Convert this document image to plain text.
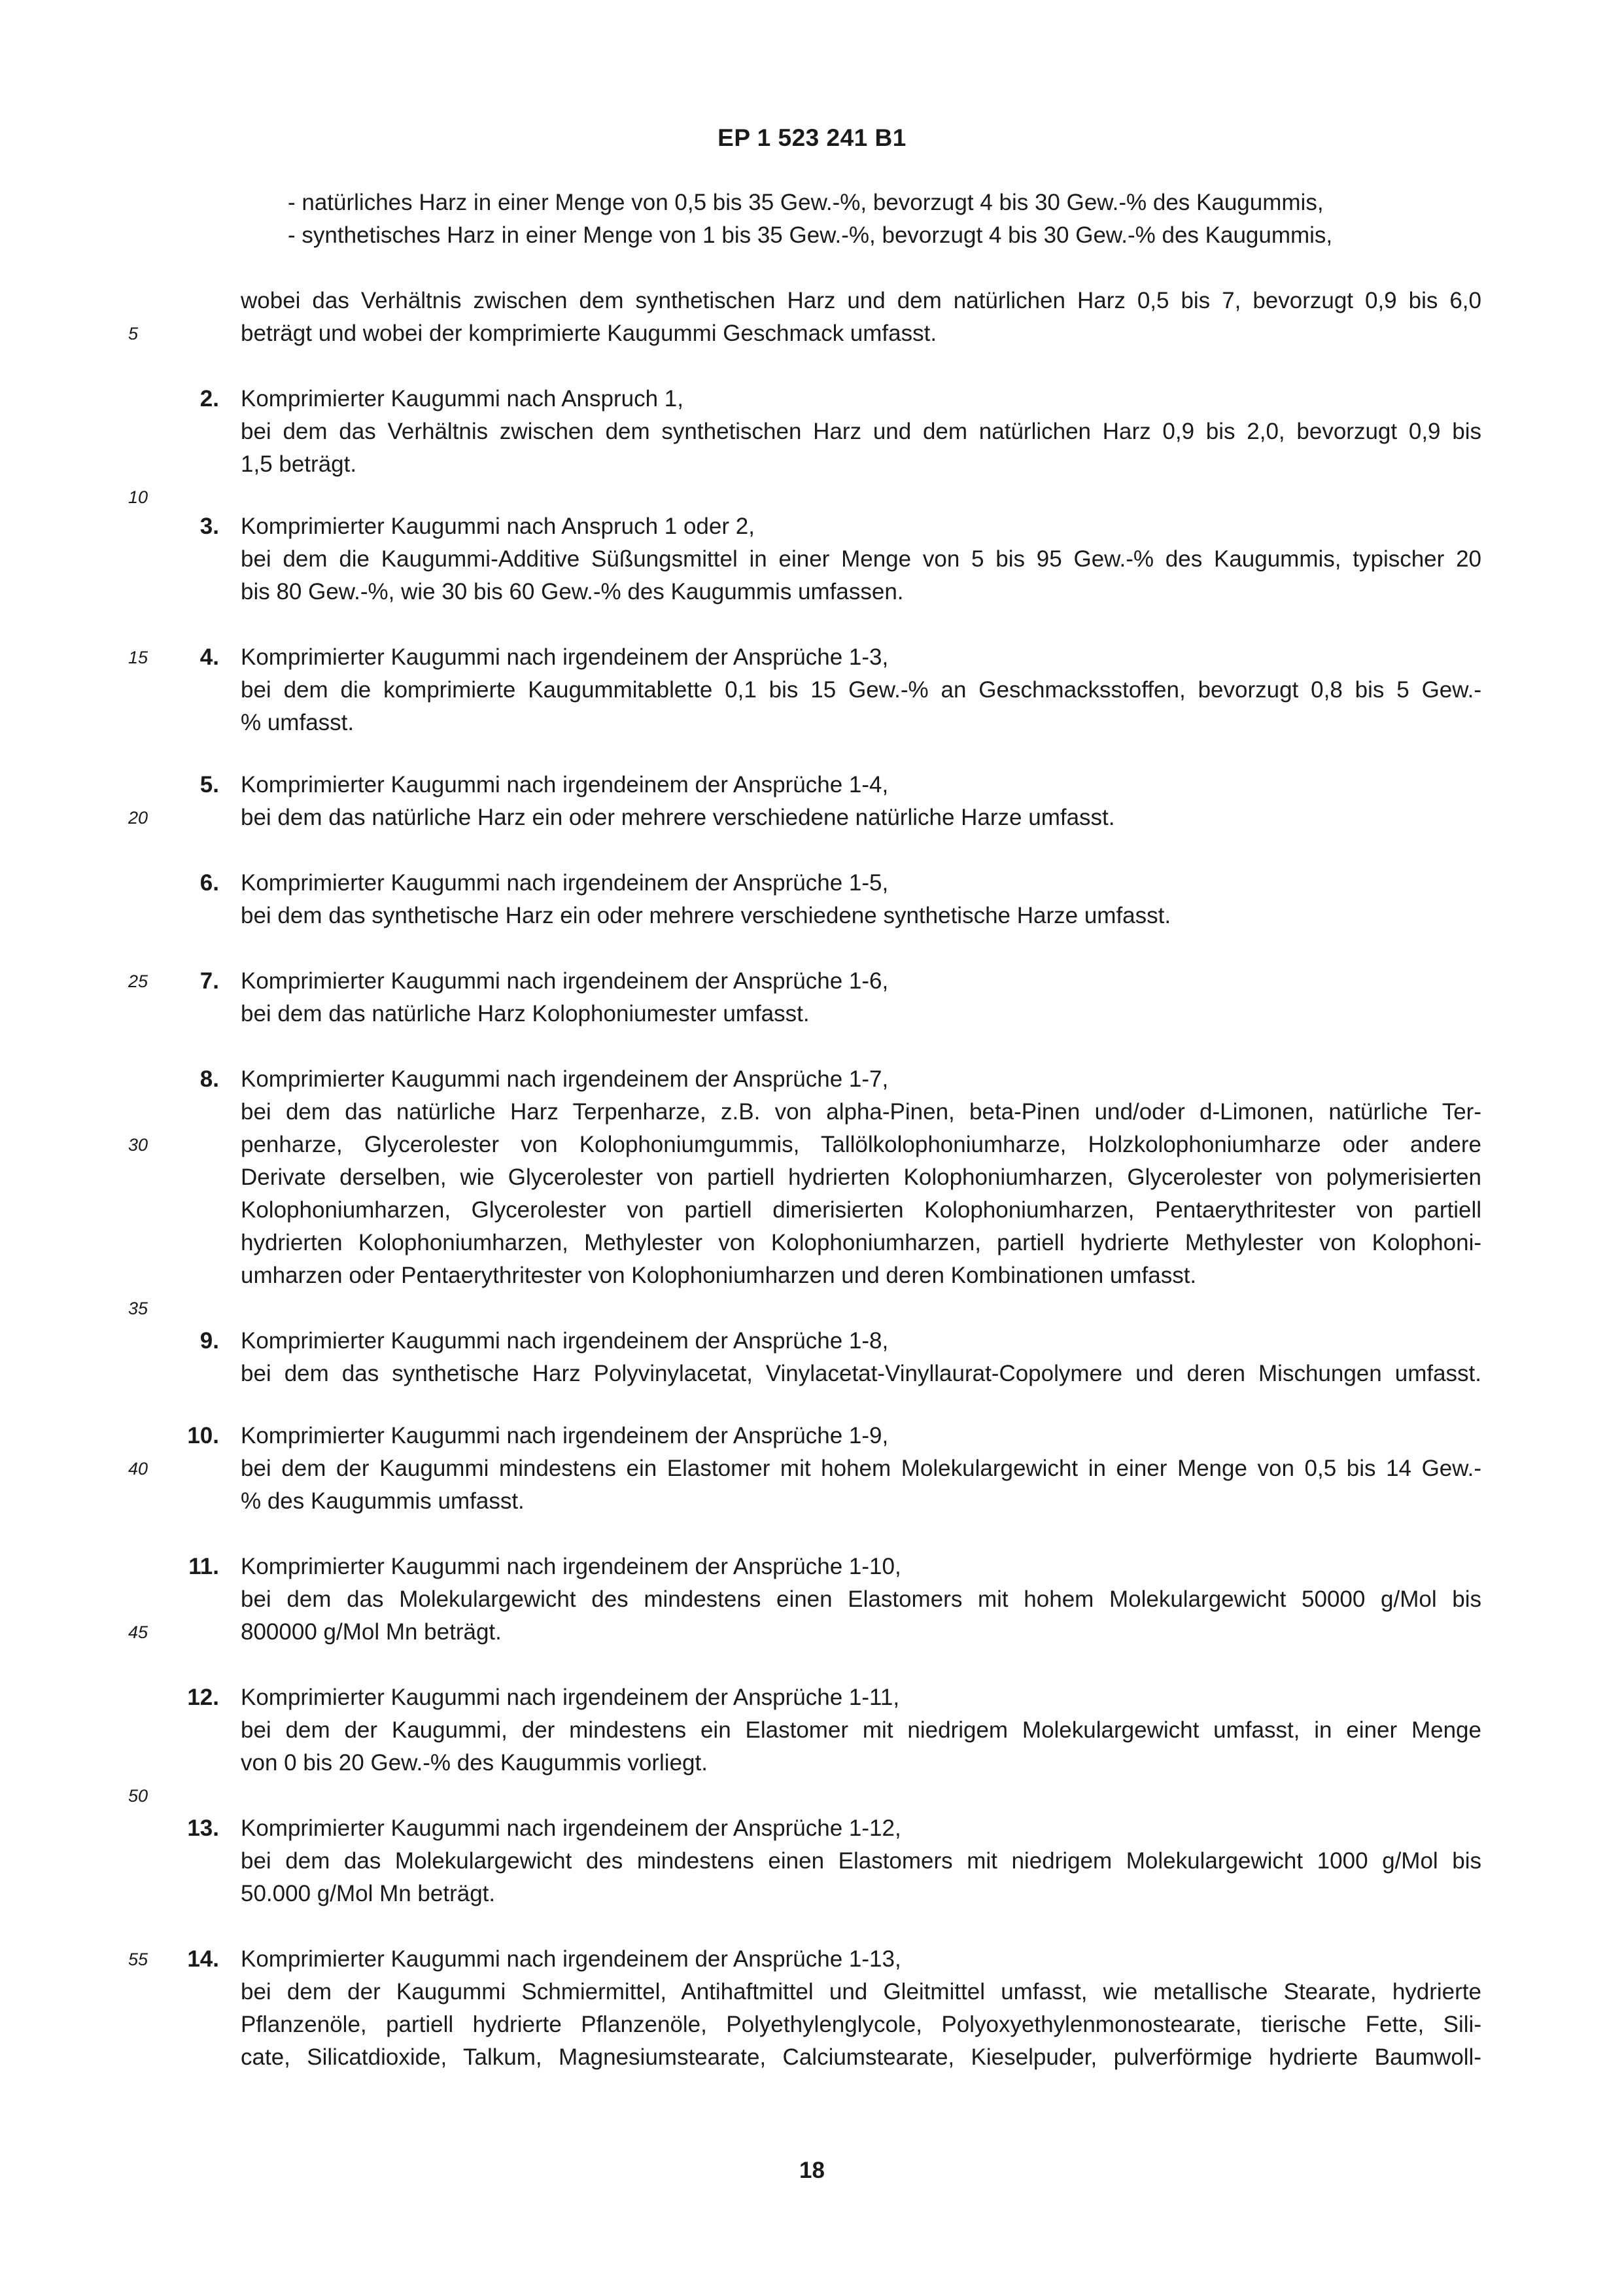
EP 1 523 241 B1
- natürliches Harz in einer Menge von 0,5 bis 35 Gew.-%, bevorzugt 4 bis 30 Gew.-% des Kaugummis,
- synthetisches Harz in einer Menge von 1 bis 35 Gew.-%, bevorzugt 4 bis 30 Gew.-% des Kaugummis,
wobei das Verhältnis zwischen dem synthetischen Harz und dem natürlichen Harz 0,5 bis 7, bevorzugt 0,9 bis 6,0
beträgt und wobei der komprimierte Kaugummi Geschmack umfasst.
2. Komprimierter Kaugummi nach Anspruch 1,
bei dem das Verhältnis zwischen dem synthetischen Harz und dem natürlichen Harz 0,9 bis 2,0, bevorzugt 0,9 bis
1,5 beträgt.
3. Komprimierter Kaugummi nach Anspruch 1 oder 2,
bei dem die Kaugummi-Additive Süßungsmittel in einer Menge von 5 bis 95 Gew.-% des Kaugummis, typischer 20
bis 80 Gew.-%, wie 30 bis 60 Gew.-% des Kaugummis umfassen.
4. Komprimierter Kaugummi nach irgendeinem der Ansprüche 1-3,
bei dem die komprimierte Kaugummitablette 0,1 bis 15 Gew.-% an Geschmacksstoffen, bevorzugt 0,8 bis 5 Gew.-
% umfasst.
5. Komprimierter Kaugummi nach irgendeinem der Ansprüche 1-4,
bei dem das natürliche Harz ein oder mehrere verschiedene natürliche Harze umfasst.
6. Komprimierter Kaugummi nach irgendeinem der Ansprüche 1-5,
bei dem das synthetische Harz ein oder mehrere verschiedene synthetische Harze umfasst.
7. Komprimierter Kaugummi nach irgendeinem der Ansprüche 1-6,
bei dem das natürliche Harz Kolophoniumester umfasst.
8. Komprimierter Kaugummi nach irgendeinem der Ansprüche 1-7,
bei dem das natürliche Harz Terpenharze, z.B. von alpha-Pinen, beta-Pinen und/oder d-Limonen, natürliche Ter-
penharze, Glycerolester von Kolophoniumgummis, Tallölkolophoniumharze, Holzkolophoniumharze oder andere
Derivate derselben, wie Glycerolester von partiell hydrierten Kolophoniumharzen, Glycerolester von polymerisierten
Kolophoniumharzen, Glycerolester von partiell dimerisierten Kolophoniumharzen, Pentaerythritester von partiell
hydrierten Kolophoniumharzen, Methylester von Kolophoniumharzen, partiell hydrierte Methylester von Kolophoni-
umharzen oder Pentaerythritester von Kolophoniumharzen und deren Kombinationen umfasst.
9. Komprimierter Kaugummi nach irgendeinem der Ansprüche 1-8,
bei dem das synthetische Harz Polyvinylacetat, Vinylacetat-Vinyllaurat-Copolymere und deren Mischungen umfasst.
10. Komprimierter Kaugummi nach irgendeinem der Ansprüche 1-9,
bei dem der Kaugummi mindestens ein Elastomer mit hohem Molekulargewicht in einer Menge von 0,5 bis 14 Gew.-
% des Kaugummis umfasst.
11. Komprimierter Kaugummi nach irgendeinem der Ansprüche 1-10,
bei dem das Molekulargewicht des mindestens einen Elastomers mit hohem Molekulargewicht 50000 g/Mol bis
800000 g/Mol Mn beträgt.
12. Komprimierter Kaugummi nach irgendeinem der Ansprüche 1-11,
bei dem der Kaugummi, der mindestens ein Elastomer mit niedrigem Molekulargewicht umfasst, in einer Menge
von 0 bis 20 Gew.-% des Kaugummis vorliegt.
13. Komprimierter Kaugummi nach irgendeinem der Ansprüche 1-12,
bei dem das Molekulargewicht des mindestens einen Elastomers mit niedrigem Molekulargewicht 1000 g/Mol bis
50.000 g/Mol Mn beträgt.
14. Komprimierter Kaugummi nach irgendeinem der Ansprüche 1-13,
bei dem der Kaugummi Schmiermittel, Antihaftmittel und Gleitmittel umfasst, wie metallische Stearate, hydrierte
Pflanzenöle, partiell hydrierte Pflanzenöle, Polyethylenglycole, Polyoxyethylenmonostearate, tierische Fette, Sili-
cate, Silicatdioxide, Talkum, Magnesiumstearate, Calciumstearate, Kieselpuder, pulverförmige hydrierte Baumwoll-
5
10
15
20
25
30
35
40
45
50
55
18
